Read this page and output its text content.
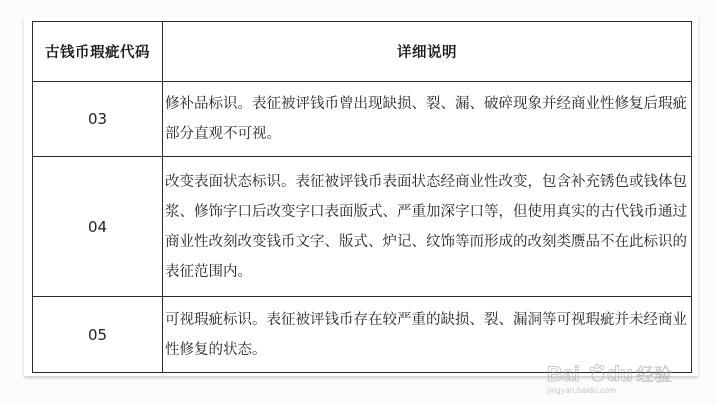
古钱币瑕疵代码	详细说明
03	修补品标识。表征被评钱币曾出现缺损、裂、漏、破碎现象并经商业性修复后瑕疵部分直观不可视。
04	改变表面状态标识。表征被评钱币表面状态经商业性改变，包含补充锈色或钱体包浆、修饰字口后改变字口表面版式、严重加深字口等，但使用真实的古代钱币通过商业性改刻改变钱币文字、版式、炉记、纹饰等而形成的改刻类赝品不在此标识的表征范围内。
05	可视瑕疵标识。表征被评钱币存在较严重的缺损、裂、漏洞等可视瑕疵并未经商业性修复的状态。
Bai du 经验
jingyan.baidu.com
